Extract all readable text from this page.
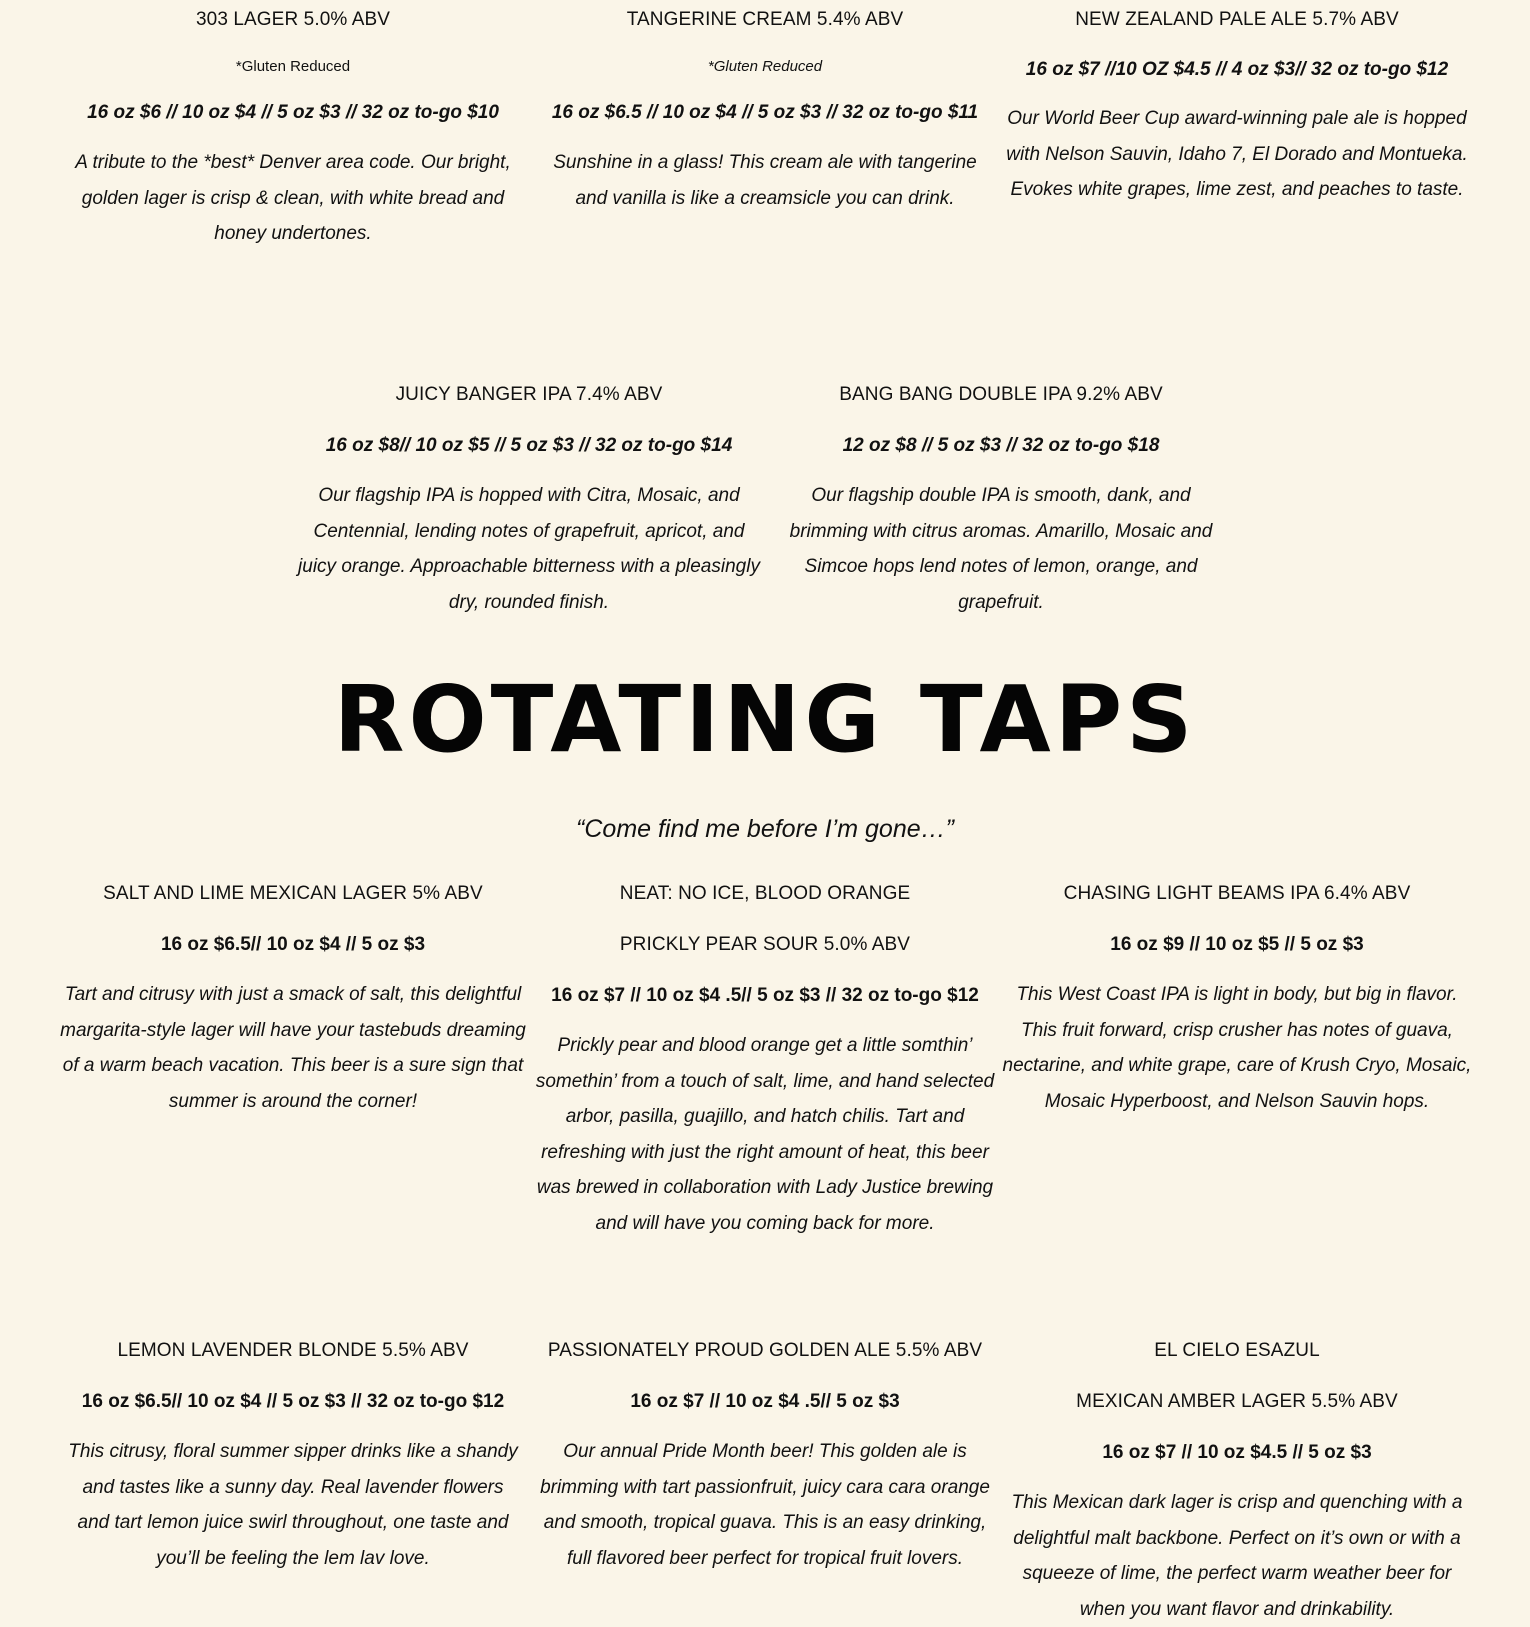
303 LAGER 5.0% ABV

*Gluten Reduced

16 oz $6 // 10 oz $4 // 5 oz $3 // 32 oz to-go $10

A tribute to the *best* Denver area code. Our bright, golden lager is crisp & clean, with white bread and honey undertones.

TANGERINE CREAM 5.4% ABV

*Gluten Reduced

16 oz $6.5 // 10 oz $4 // 5 oz $3 // 32 oz to-go $11

Sunshine in a glass! This cream ale with tangerine and vanilla is like a creamsicle you can drink.

NEW ZEALAND PALE ALE 5.7% ABV

16 oz $7 //10 OZ $4.5 // 4 oz $3// 32 oz to-go $12

Our World Beer Cup award-winning pale ale is hopped with Nelson Sauvin, Idaho 7, El Dorado and Montueka. Evokes white grapes, lime zest, and peaches to taste.

JUICY BANGER IPA 7.4% ABV

16 oz $8// 10 oz $5 // 5 oz $3 // 32 oz to-go $14

Our flagship IPA is hopped with Citra, Mosaic, and Centennial, lending notes of grapefruit, apricot, and juicy orange. Approachable bitterness with a pleasingly dry, rounded finish.

BANG BANG DOUBLE IPA 9.2% ABV

12 oz $8 // 5 oz $3 // 32 oz to-go $18

Our flagship double IPA is smooth, dank, and brimming with citrus aromas. Amarillo, Mosaic and Simcoe hops lend notes of lemon, orange, and grapefruit.

ROTATING TAPS

“Come find me before I’m gone…”

SALT AND LIME MEXICAN LAGER 5% ABV

16 oz $6.5// 10 oz $4 // 5 oz $3

Tart and citrusy with just a smack of salt, this delightful margarita-style lager will have your tastebuds dreaming of a warm beach vacation. This beer is a sure sign that summer is around the corner!

NEAT: NO ICE, BLOOD ORANGE

PRICKLY PEAR SOUR 5.0% ABV

16 oz $7 // 10 oz $4 .5// 5 oz $3 // 32 oz to-go $12

Prickly pear and blood orange get a little somthin’ somethin’ from a touch of salt, lime, and hand selected arbor, pasilla, guajillo, and hatch chilis. Tart and refreshing with just the right amount of heat, this beer was brewed in collaboration with Lady Justice brewing and will have you coming back for more.

CHASING LIGHT BEAMS IPA 6.4% ABV

16 oz $9 // 10 oz $5 // 5 oz $3

This West Coast IPA is light in body, but big in flavor. This fruit forward, crisp crusher has notes of guava, nectarine, and white grape, care of Krush Cryo, Mosaic, Mosaic Hyperboost, and Nelson Sauvin hops.

LEMON LAVENDER BLONDE 5.5% ABV

16 oz $6.5// 10 oz $4 // 5 oz $3 // 32 oz to-go $12

This citrusy, floral summer sipper drinks like a shandy and tastes like a sunny day. Real lavender flowers and tart lemon juice swirl throughout, one taste and you’ll be feeling the lem lav love.

PASSIONATELY PROUD GOLDEN ALE 5.5% ABV

16 oz $7 // 10 oz $4 .5// 5 oz $3

Our annual Pride Month beer! This golden ale is brimming with tart passionfruit, juicy cara cara orange and smooth, tropical guava. This is an easy drinking, full flavored beer perfect for tropical fruit lovers.

EL CIELO ESAZUL

MEXICAN AMBER LAGER 5.5% ABV

16 oz $7 // 10 oz $4.5 // 5 oz $3

This Mexican dark lager is crisp and quenching with a delightful malt backbone. Perfect on it’s own or with a squeeze of lime, the perfect warm weather beer for when you want flavor and drinkability.
